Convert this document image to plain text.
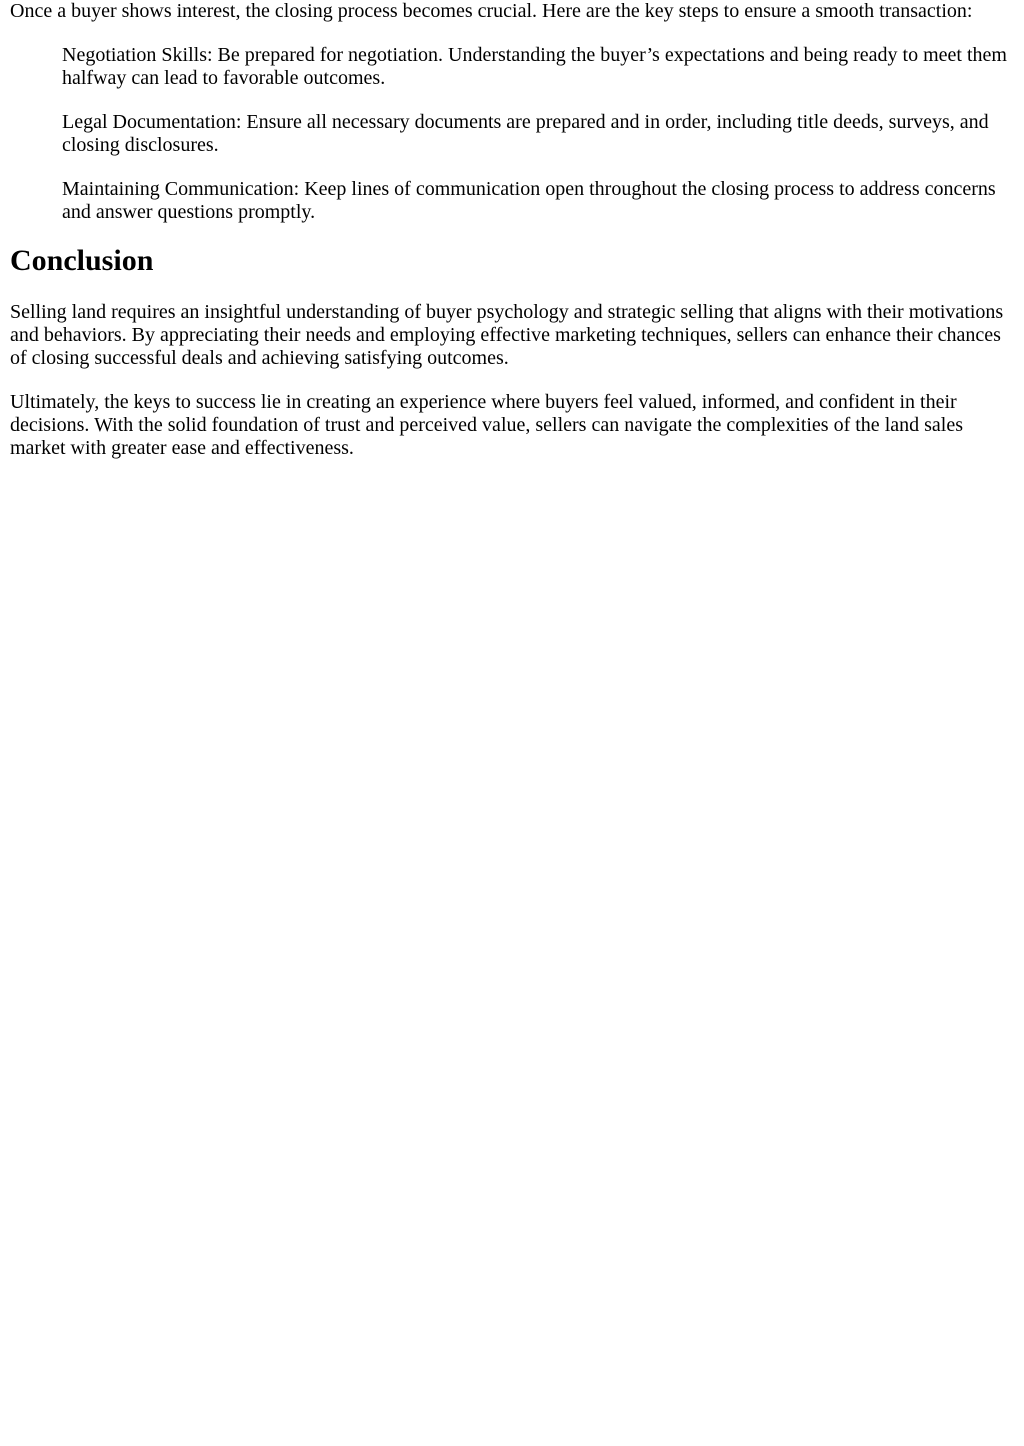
Once a buyer shows interest, the closing process becomes crucial. Here are the key steps to ensure a smooth transaction:

Negotiation Skills: Be prepared for negotiation. Understanding the buyer’s expectations and being ready to meet them halfway can lead to favorable outcomes.
Legal Documentation: Ensure all necessary documents are prepared and in order, including title deeds, surveys, and closing disclosures.
Maintaining Communication: Keep lines of communication open throughout the closing process to address concerns and answer questions promptly.
Conclusion

Selling land requires an insightful understanding of buyer psychology and strategic selling that aligns with their motivations and behaviors. By appreciating their needs and employing effective marketing techniques, sellers can enhance their chances of closing successful deals and achieving satisfying outcomes.

Ultimately, the keys to success lie in creating an experience where buyers feel valued, informed, and confident in their decisions. With the solid foundation of trust and perceived value, sellers can navigate the complexities of the land sales market with greater ease and effectiveness.
